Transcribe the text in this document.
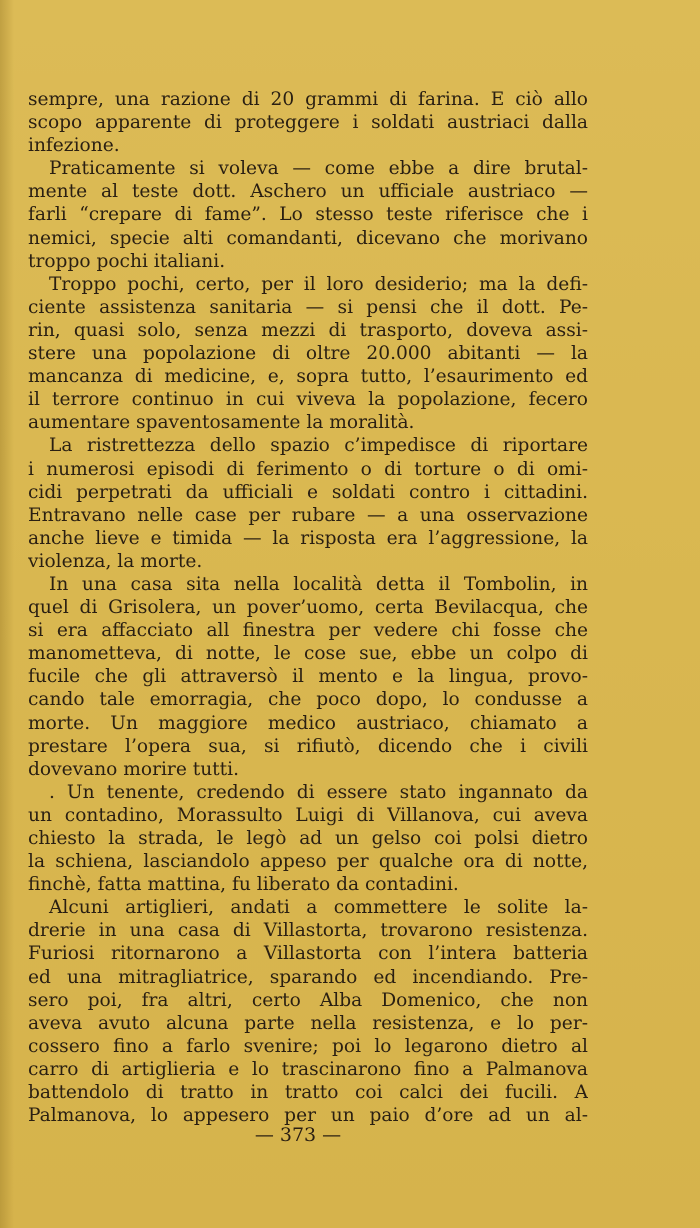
sempre, una razione di 20 grammi di farina. E ciò allo
scopo apparente di proteggere i soldati austriaci dalla
infezione.
Praticamente si voleva — come ebbe a dire brutal-
mente al teste dott. Aschero un ufficiale austriaco —
farli “crepare di fame”. Lo stesso teste riferisce che i
nemici, specie alti comandanti, dicevano che morivano
troppo pochi italiani.
Troppo pochi, certo, per il loro desiderio; ma la defi-
ciente assistenza sanitaria — si pensi che il dott. Pe-
rin, quasi solo, senza mezzi di trasporto, doveva assi-
stere una popolazione di oltre 20.000 abitanti — la
mancanza di medicine, e, sopra tutto, l’esaurimento ed
il terrore continuo in cui viveva la popolazione, fecero
aumentare spaventosamente la moralità.
La ristrettezza dello spazio c’impedisce di riportare
i numerosi episodi di ferimento o di torture o di omi-
cidi perpetrati da ufficiali e soldati contro i cittadini.
Entravano nelle case per rubare — a una osservazione
anche lieve e timida — la risposta era l’aggressione, la
violenza, la morte.
In una casa sita nella località detta il Tombolin, in
quel di Grisolera, un pover’uomo, certa Bevilacqua, che
si era affacciato all finestra per vedere chi fosse che
manometteva, di notte, le cose sue, ebbe un colpo di
fucile che gli attraversò il mento e la lingua, provo-
cando tale emorragia, che poco dopo, lo condusse a
morte. Un maggiore medico austriaco, chiamato a
prestare l’opera sua, si rifiutò, dicendo che i civili
dovevano morire tutti.
. Un tenente, credendo di essere stato ingannato da
un contadino, Morassulto Luigi di Villanova, cui aveva
chiesto la strada, le legò ad un gelso coi polsi dietro
la schiena, lasciandolo appeso per qualche ora di notte,
finchè, fatta mattina, fu liberato da contadini.
Alcuni artiglieri, andati a commettere le solite la-
drerie in una casa di Villastorta, trovarono resistenza.
Furiosi ritornarono a Villastorta con l’intera batteria
ed una mitragliatrice, sparando ed incendiando. Pre-
sero poi, fra altri, certo Alba Domenico, che non
aveva avuto alcuna parte nella resistenza, e lo per-
cossero fino a farlo svenire; poi lo legarono dietro al
carro di artiglieria e lo trascinarono fino a Palmanova
battendolo di tratto in tratto coi calci dei fucili. A
Palmanova, lo appesero per un paio d’ore ad un al-
— 373 —
